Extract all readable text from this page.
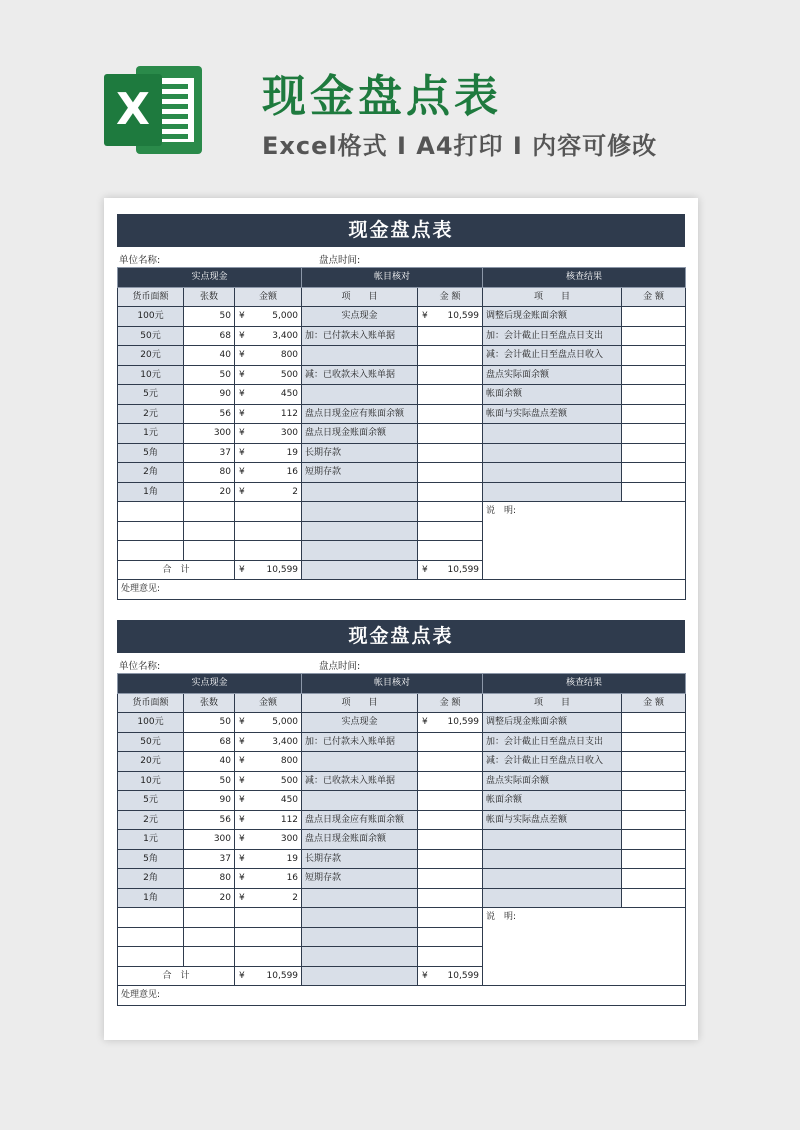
X	现金盘点表
Excel格式 I A4打印 I 内容可修改
现金盘点表
单位名称:	盘点时间:
实点现金			帐目核对		核查结果	
货币面额	张数	金额	项　　目	金 额	项　　目	金 额
100元	50	¥ 5,000	实点现金	¥ 10,599	调整后现金账面余额	
50元	68	¥ 3,400	加：已付款未入账单据		加：会计截止日至盘点日支出	
20元	40	¥ 800			减：会计截止日至盘点日收入	
10元	50	¥ 500	减：已收款未入账单据		盘点实际面余额	
5元	90	¥ 450			帐面余额	
2元	56	¥ 112	盘点日现金应有账面余额		帐面与实际盘点差额	
1元	300	¥ 300	盘点日现金账面余额	

5角	37	¥ 19	长期存款	

2角	80	¥ 16	短期存款	

1角	20	¥ 2				

					说　明:	

合　计		¥ 10,599		¥ 10,599		

处理意见:						
现金盘点表
单位名称:	盘点时间:
实点现金			帐目核对		核查结果	
货币面额	张数	金额	项　　目	金 额	项　　目	金 额
100元	50	¥ 5,000	实点现金	¥ 10,599	调整后现金账面余额	
50元	68	¥ 3,400	加：已付款未入账单据		加：会计截止日至盘点日支出	
20元	40	¥ 800			减：会计截止日至盘点日收入	
10元	50	¥ 500	减：已收款未入账单据		盘点实际面余额	
5元	90	¥ 450			帐面余额	
2元	56	¥ 112	盘点日现金应有账面余额		帐面与实际盘点差额	
1元	300	¥ 300	盘点日现金账面余额	

5角	37	¥ 19	长期存款	

2角	80	¥ 16	短期存款	

1角	20	¥ 2				

					说　明:	

合　计		¥ 10,599		¥ 10,599		

处理意见:						
